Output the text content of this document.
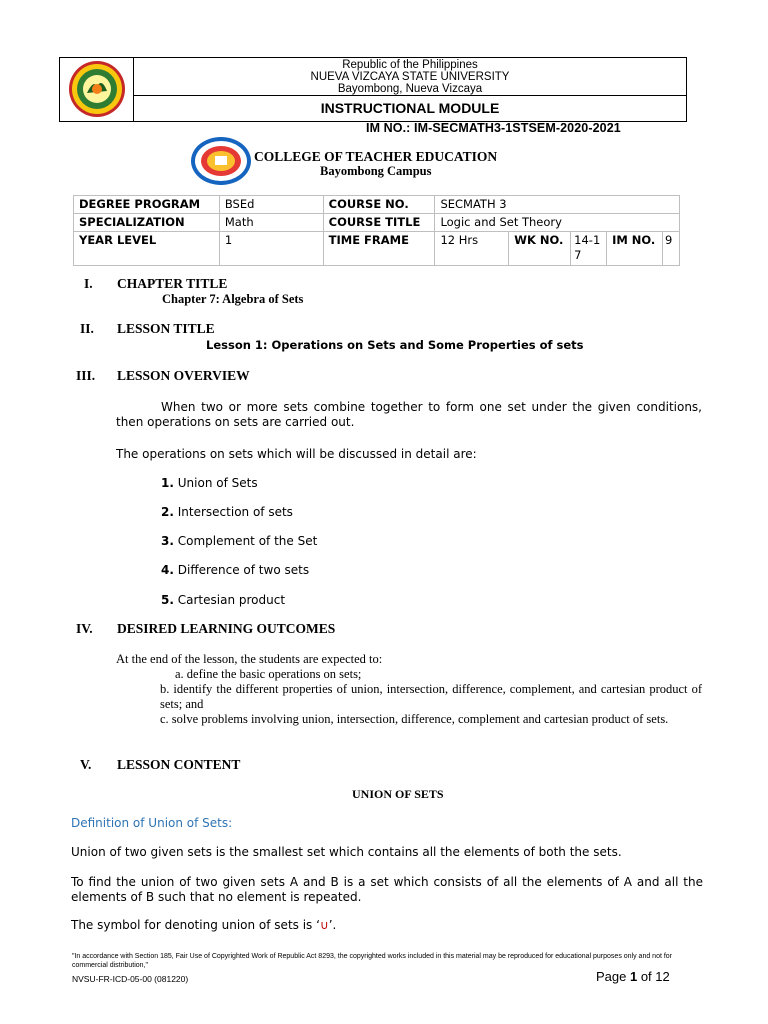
Republic of the Philippines
NUEVA VIZCAYA STATE UNIVERSITY
Bayombong, Nueva Vizcaya
INSTRUCTIONAL MODULE
IM NO.: IM-SECMATH3-1STSEM-2020-2021
COLLEGE OF TEACHER EDUCATION
Bayombong Campus
DEGREE PROGRAM	BSEd	COURSE NO.	SECMATH 3				
SPECIALIZATION	Math	COURSE TITLE	Logic and Set Theory				
YEAR LEVEL	1	TIME FRAME	12 Hrs	WK NO.	14-17	IM NO.	9
I. CHAPTER TITLE
Chapter 7: Algebra of Sets
II. LESSON TITLE
Lesson 1: Operations on Sets and Some Properties of sets
III. LESSON OVERVIEW
When two or more sets combine together to form one set under the given conditions, then operations on sets are carried out.
The operations on sets which will be discussed in detail are:
1. Union of Sets
2. Intersection of sets
3. Complement of the Set
4. Difference of two sets
5. Cartesian product
IV. DESIRED LEARNING OUTCOMES
At the end of the lesson, the students are expected to:
a. define the basic operations on sets;
b. identify the different properties of union, intersection, difference, complement, and cartesian product of sets; and
c. solve problems involving union, intersection, difference, complement and cartesian product of sets.
V. LESSON CONTENT
UNION OF SETS
Definition of Union of Sets:
Union of two given sets is the smallest set which contains all the elements of both the sets.
To find the union of two given sets A and B is a set which consists of all the elements of A and all the elements of B such that no element is repeated.
The symbol for denoting union of sets is ‘∪’.
"In accordance with Section 185, Fair Use of Copyrighted Work of Republic Act 8293, the copyrighted works included in this material may be reproduced for educational purposes only and not for commercial distribution,"
NVSU-FR-ICD-05-00 (081220)	Page 1 of 12
